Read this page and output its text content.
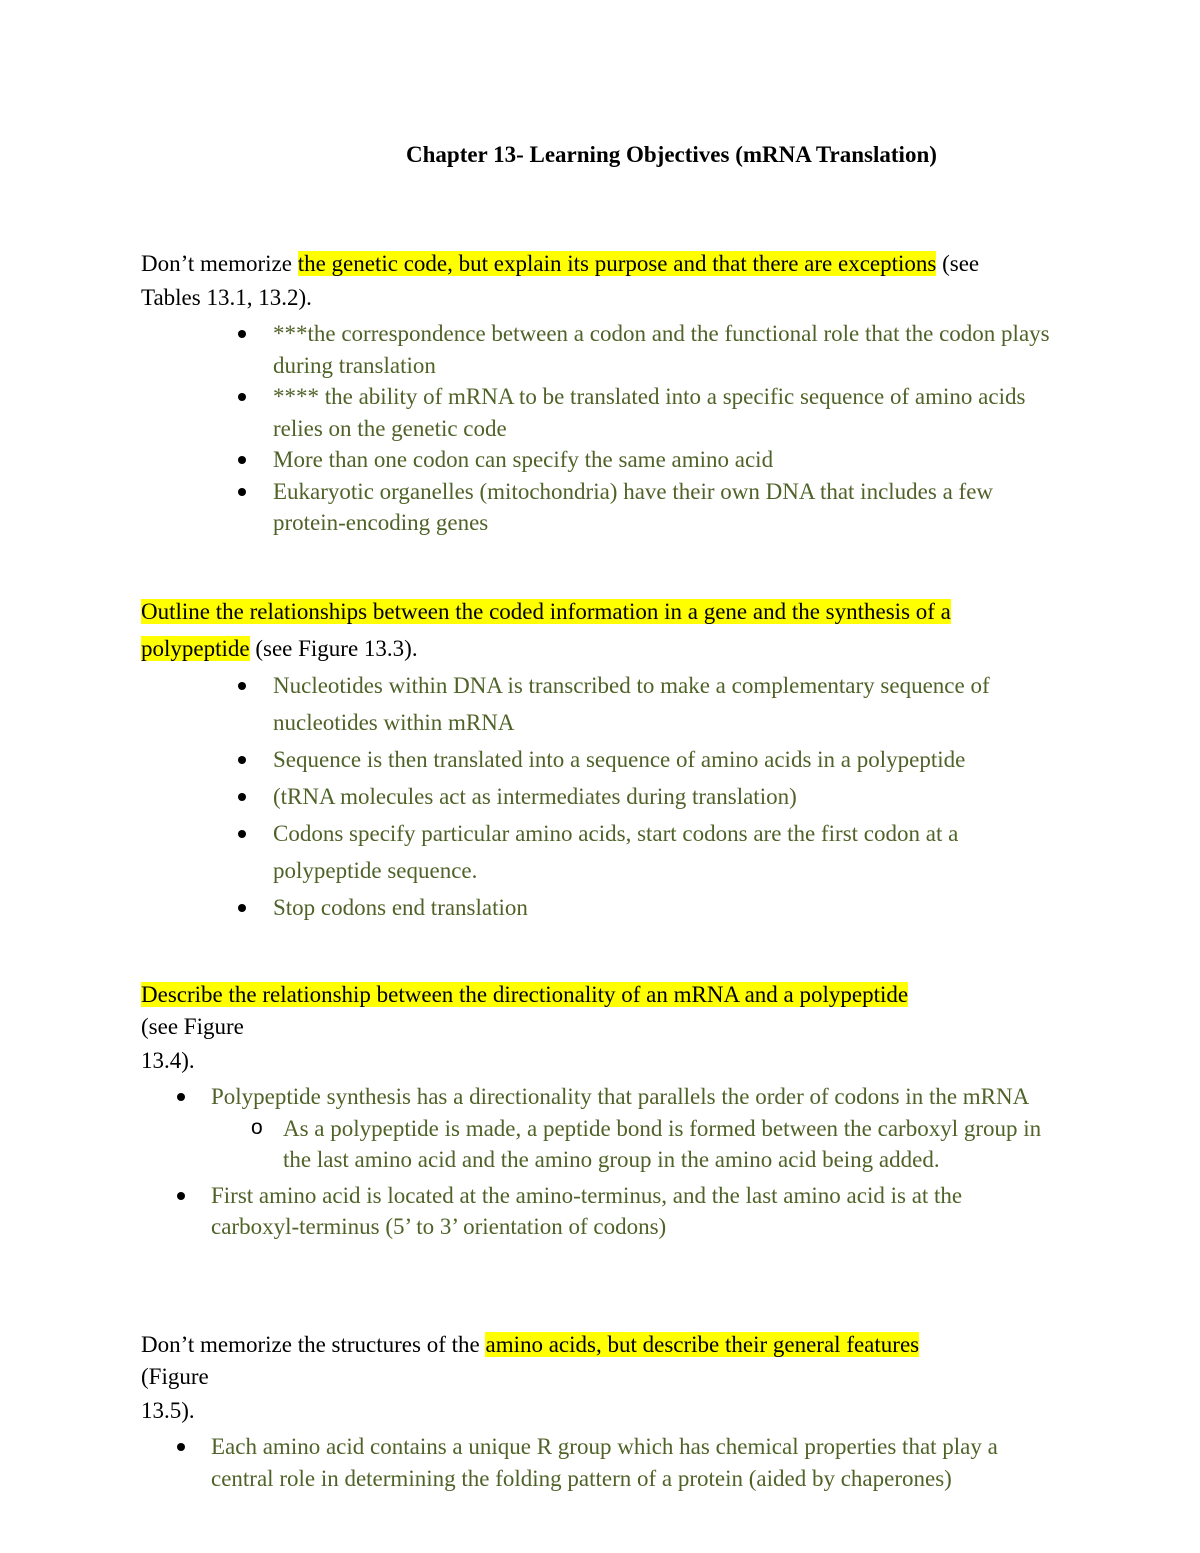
Chapter 13- Learning Objectives (mRNA Translation)

Don’t memorize the genetic code, but explain its purpose and that there are exceptions (see

Tables 13.1, 13.2).

***the correspondence between a codon and the functional role that the codon plays during translation
**** the ability of mRNA to be translated into a specific sequence of amino acids relies on the genetic code
More than one codon can specify the same amino acid
Eukaryotic organelles (mitochondria) have their own DNA that includes a few protein-encoding genes

Outline the relationships between the coded information in a gene and the synthesis of a polypeptide (see Figure 13.3).

Nucleotides within DNA is transcribed to make a complementary sequence of nucleotides within mRNA
Sequence is then translated into a sequence of amino acids in a polypeptide
(tRNA molecules act as intermediates during translation)
Codons specify particular amino acids, start codons are the first codon at a polypeptide sequence.
Stop codons end translation

Describe the relationship between the directionality of an mRNA and a polypeptide (see Figure

13.4).

Polypeptide synthesis has a directionality that parallels the order of codons in the mRNA
o As a polypeptide is made, a peptide bond is formed between the carboxyl group in the last amino acid and the amino group in the amino acid being added.
First amino acid is located at the amino-terminus, and the last amino acid is at the carboxyl-terminus (5’ to 3’ orientation of codons)

Don’t memorize the structures of the amino acids, but describe their general features (Figure

13.5).

Each amino acid contains a unique R group which has chemical properties that play a central role in determining the folding pattern of a protein (aided by chaperones)
